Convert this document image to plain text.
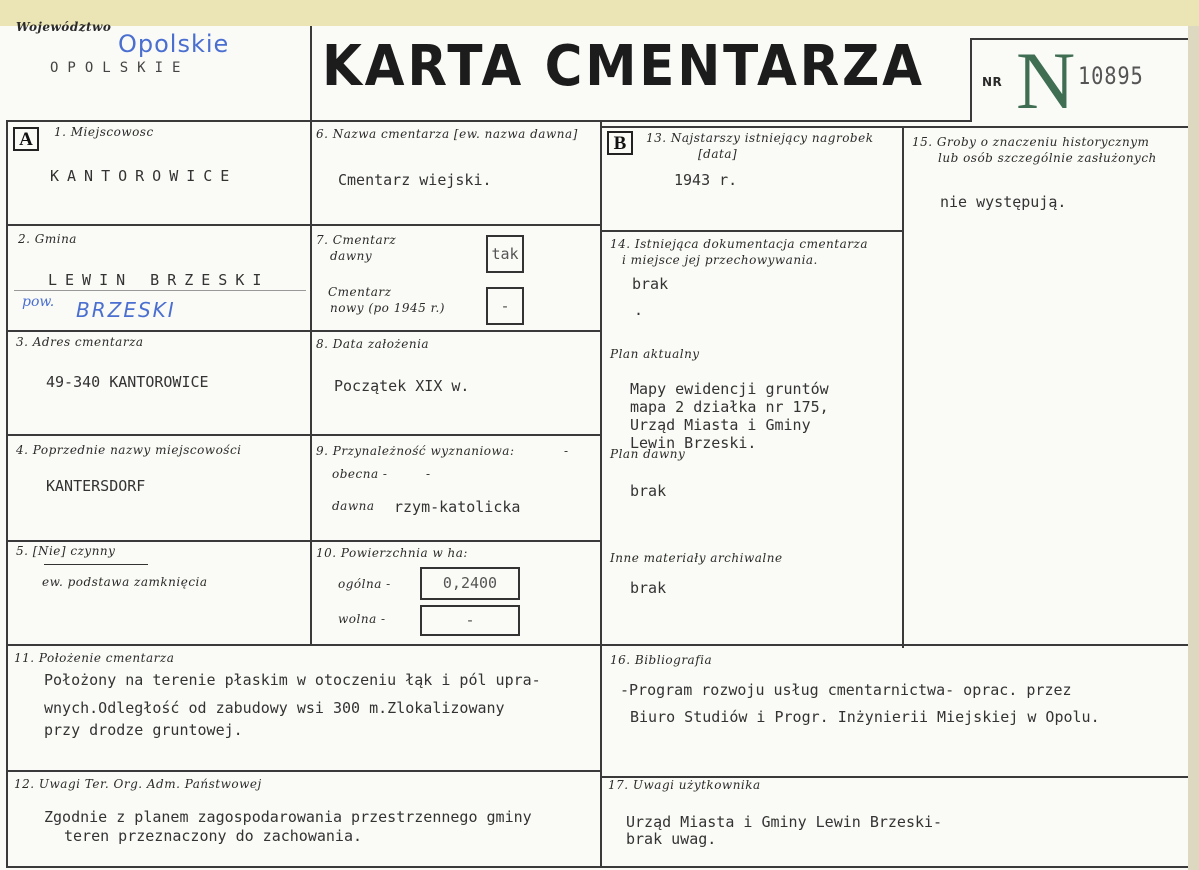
Województwo
Opolskie
OPOLSKIE KARTA CMENTARZA	NR N 10895
A	B
1. Miejscowosc
KANTOROWICE
2. Gmina
LEWIN BRZESKI
pow. BRZESKI
3. Adres cmentarza
49-340 KANTOROWICE
4. Poprzednie nazwy miejscowości
KANTERSDORF
5. [Nie] czynny
ew. podstawa zamknięcia
6. Nazwa cmentarza [ew. nazwa dawna]
Cmentarz wiejski.
7. Cmentarz
dawny	tak
Cmentarz
nowy (po 1945 r.)	-
8. Data założenia
Początek XIX w.
9. Przynależność wyznaniowa:	-
obecna -	-
dawna rzym-katolicka
10. Powierzchnia w ha:
ogólna -	0,2400
wolna -	-
13. Najstarszy istniejący nagrobek
[data]
1943 r.
14. Istniejąca dokumentacja cmentarza
i miejsce jej przechowywania.
brak
.
Plan aktualny
Mapy ewidencji gruntów
mapa 2 działka nr 175,
Urząd Miasta i Gminy
Lewin Brzeski.
Plan dawny
brak
Inne materiały archiwalne
brak
15. Groby o znaczeniu historycznym
lub osób szczególnie zasłużonych
nie występują.
11. Położenie cmentarza
Położony na terenie płaskim w otoczeniu łąk i pól upra-
wnych.Odległość od zabudowy wsi 300 m.Zlokalizowany
przy drodze gruntowej.
16. Bibliografia
-Program rozwoju usług cmentarnictwa- oprac. przez
Biuro Studiów i Progr. Inżynierii Miejskiej w Opolu.
12. Uwagi Ter. Org. Adm. Państwowej
Zgodnie z planem zagospodarowania przestrzennego gminy
teren przeznaczony do zachowania.
17. Uwagi użytkownika
Urząd Miasta i Gminy Lewin Brzeski-
brak uwag.
